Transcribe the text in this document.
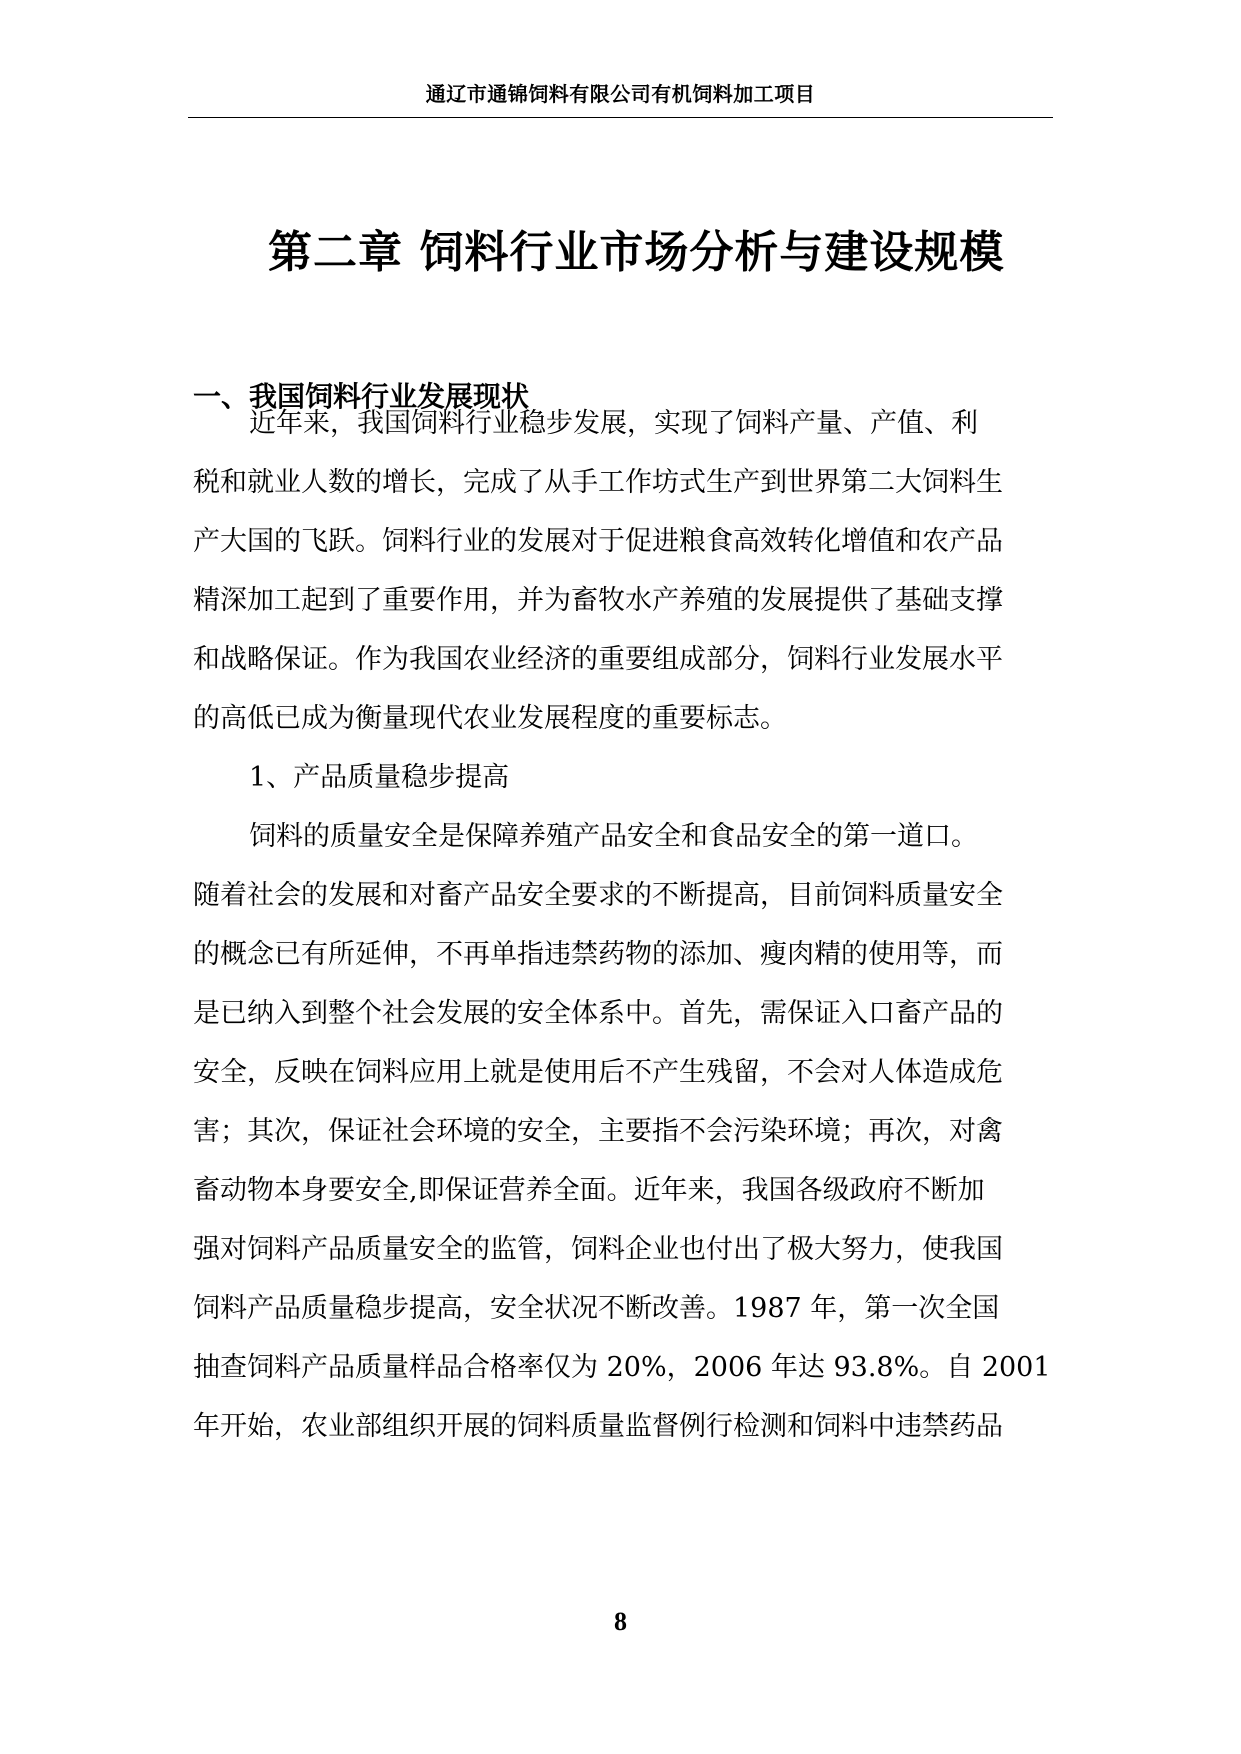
通辽市通锦饲料有限公司有机饲料加工项目
第二章 饲料行业市场分析与建设规模
一、我国饲料行业发展现状
近年来，我国饲料行业稳步发展，实现了饲料产量、产值、利
税和就业人数的增长，完成了从手工作坊式生产到世界第二大饲料生
产大国的飞跃。饲料行业的发展对于促进粮食高效转化增值和农产品
精深加工起到了重要作用，并为畜牧水产养殖的发展提供了基础支撑
和战略保证。作为我国农业经济的重要组成部分，饲料行业发展水平
的高低已成为衡量现代农业发展程度的重要标志。
1、产品质量稳步提高
饲料的质量安全是保障养殖产品安全和食品安全的第一道口。
随着社会的发展和对畜产品安全要求的不断提高，目前饲料质量安全
的概念已有所延伸，不再单指违禁药物的添加、瘦肉精的使用等，而
是已纳入到整个社会发展的安全体系中。首先，需保证入口畜产品的
安全，反映在饲料应用上就是使用后不产生残留，不会对人体造成危
害；其次，保证社会环境的安全，主要指不会污染环境；再次，对禽
畜动物本身要安全,即保证营养全面。近年来，我国各级政府不断加
强对饲料产品质量安全的监管，饲料企业也付出了极大努力，使我国
饲料产品质量稳步提高，安全状况不断改善。1987 年，第一次全国
抽查饲料产品质量样品合格率仅为 20%，2006 年达 93.8%。自 2001
年开始，农业部组织开展的饲料质量监督例行检测和饲料中违禁药品
8
